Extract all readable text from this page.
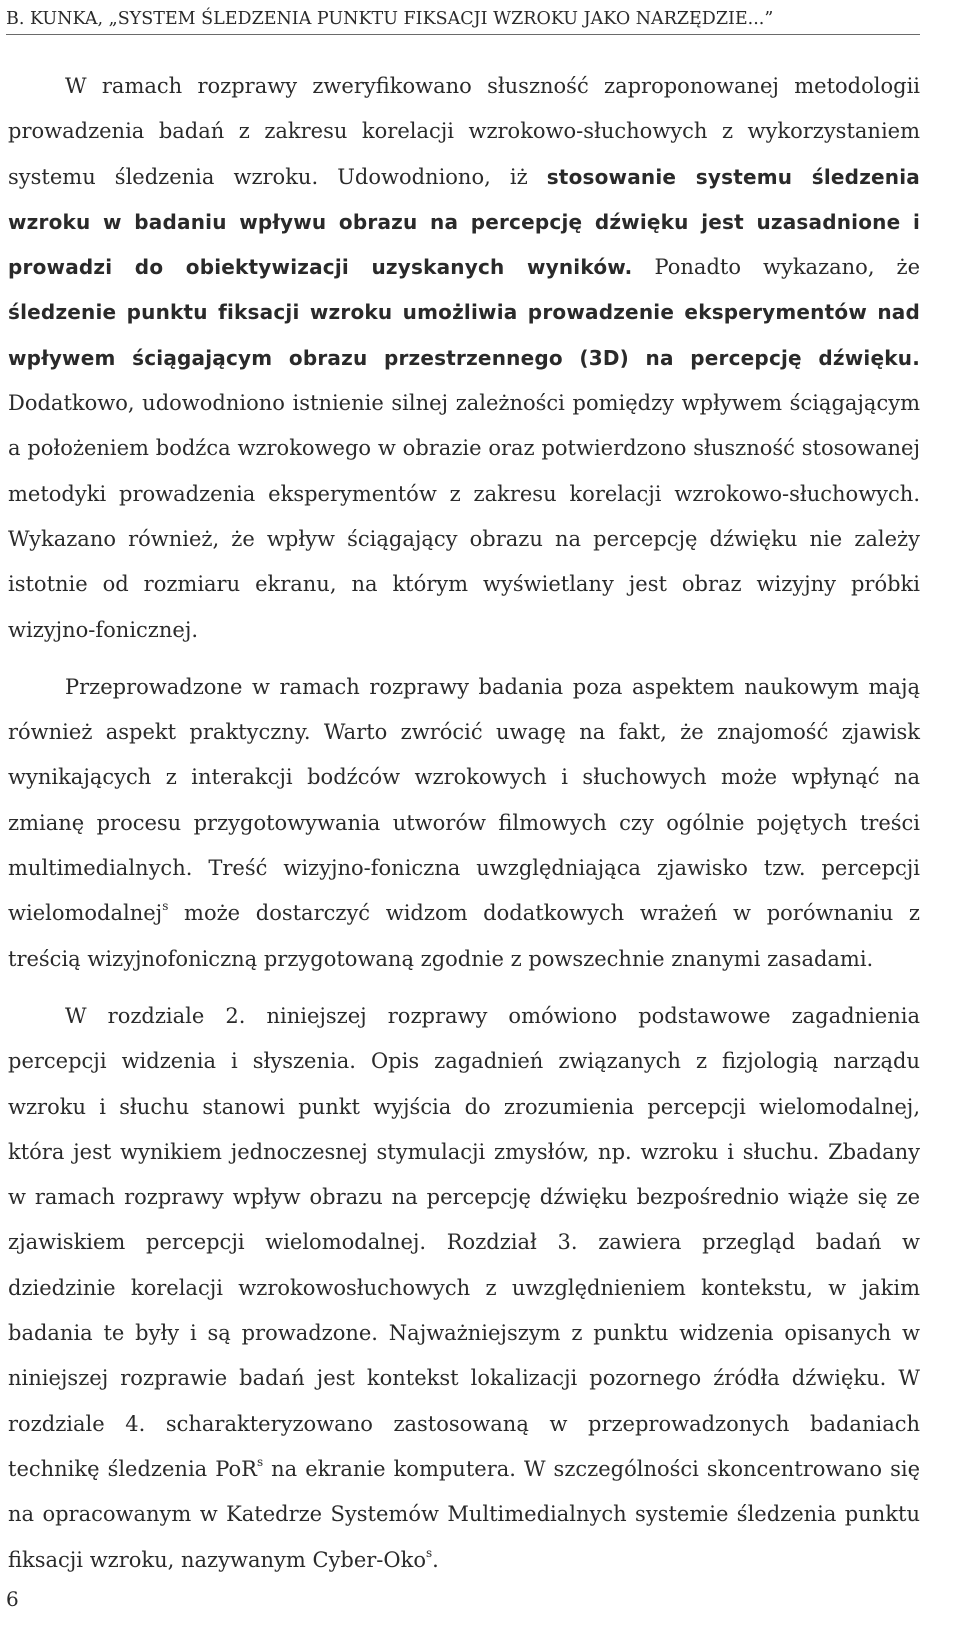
B. KUNKA, „SYSTEM ŚLEDZENIA PUNKTU FIKSACJI WZROKU JAKO NARZĘDZIE...”

W ramach rozprawy zweryfikowano słuszność zaproponowanej metodologii prowadzenia badań z zakresu korelacji wzrokowo-słuchowych z wykorzystaniem systemu śledzenia wzroku. Udowodniono, iż stosowanie systemu śledzenia wzroku w badaniu wpływu obrazu na percepcję dźwięku jest uzasadnione i prowadzi do obiektywizacji uzyskanych wyników. Ponadto wykazano, że śledzenie punktu fiksacji wzroku umożliwia prowadzenie eksperymentów nad wpływem ściągającym obrazu przestrzennego (3D) na percepcję dźwięku. Dodatkowo, udowodniono istnienie silnej zależności pomiędzy wpływem ściągającym a położeniem bodźca wzrokowego w obrazie oraz potwierdzono słuszność stosowanej metodyki prowadzenia eksperymentów z zakresu korelacji wzrokowo-słuchowych. Wykazano również, że wpływ ściągający obrazu na percepcję dźwięku nie zależy istotnie od rozmiaru ekranu, na którym wyświetlany jest obraz wizyjny próbki wizyjno-fonicznej.

Przeprowadzone w ramach rozprawy badania poza aspektem naukowym mają również aspekt praktyczny. Warto zwrócić uwagę na fakt, że znajomość zjawisk wynikających z interakcji bodźców wzrokowych i słuchowych może wpłynąć na zmianę procesu przygotowywania utworów filmowych czy ogólnie pojętych treści multimedialnych. Treść wizyjno-foniczna uwzględniająca zjawisko tzw. percepcji wielomodalnej$^s$ może dostarczyć widzom dodatkowych wrażeń w porównaniu z treścią wizyjnofoniczną przygotowaną zgodnie z powszechnie znanymi zasadami.

W rozdziale 2. niniejszej rozprawy omówiono podstawowe zagadnienia percepcji widzenia i słyszenia. Opis zagadnień związanych z fizjologią narządu wzroku i słuchu stanowi punkt wyjścia do zrozumienia percepcji wielomodalnej, która jest wynikiem jednoczesnej stymulacji zmysłów, np. wzroku i słuchu. Zbadany w ramach rozprawy wpływ obrazu na percepcję dźwięku bezpośrednio wiąże się ze zjawiskiem percepcji wielomodalnej. Rozdział 3. zawiera przegląd badań w dziedzinie korelacji wzrokowosłuchowych z uwzględnieniem kontekstu, w jakim badania te były i są prowadzone. Najważniejszym z punktu widzenia opisanych w niniejszej rozprawie badań jest kontekst lokalizacji pozornego źródła dźwięku. W rozdziale 4. scharakteryzowano zastosowaną w przeprowadzonych badaniach technikę śledzenia PoR$^s$ na ekranie komputera. W szczególności skoncentrowano się na opracowanym w Katedrze Systemów Multimedialnych systemie śledzenia punktu fiksacji wzroku, nazywanym Cyber-Oko$^s$.

6
